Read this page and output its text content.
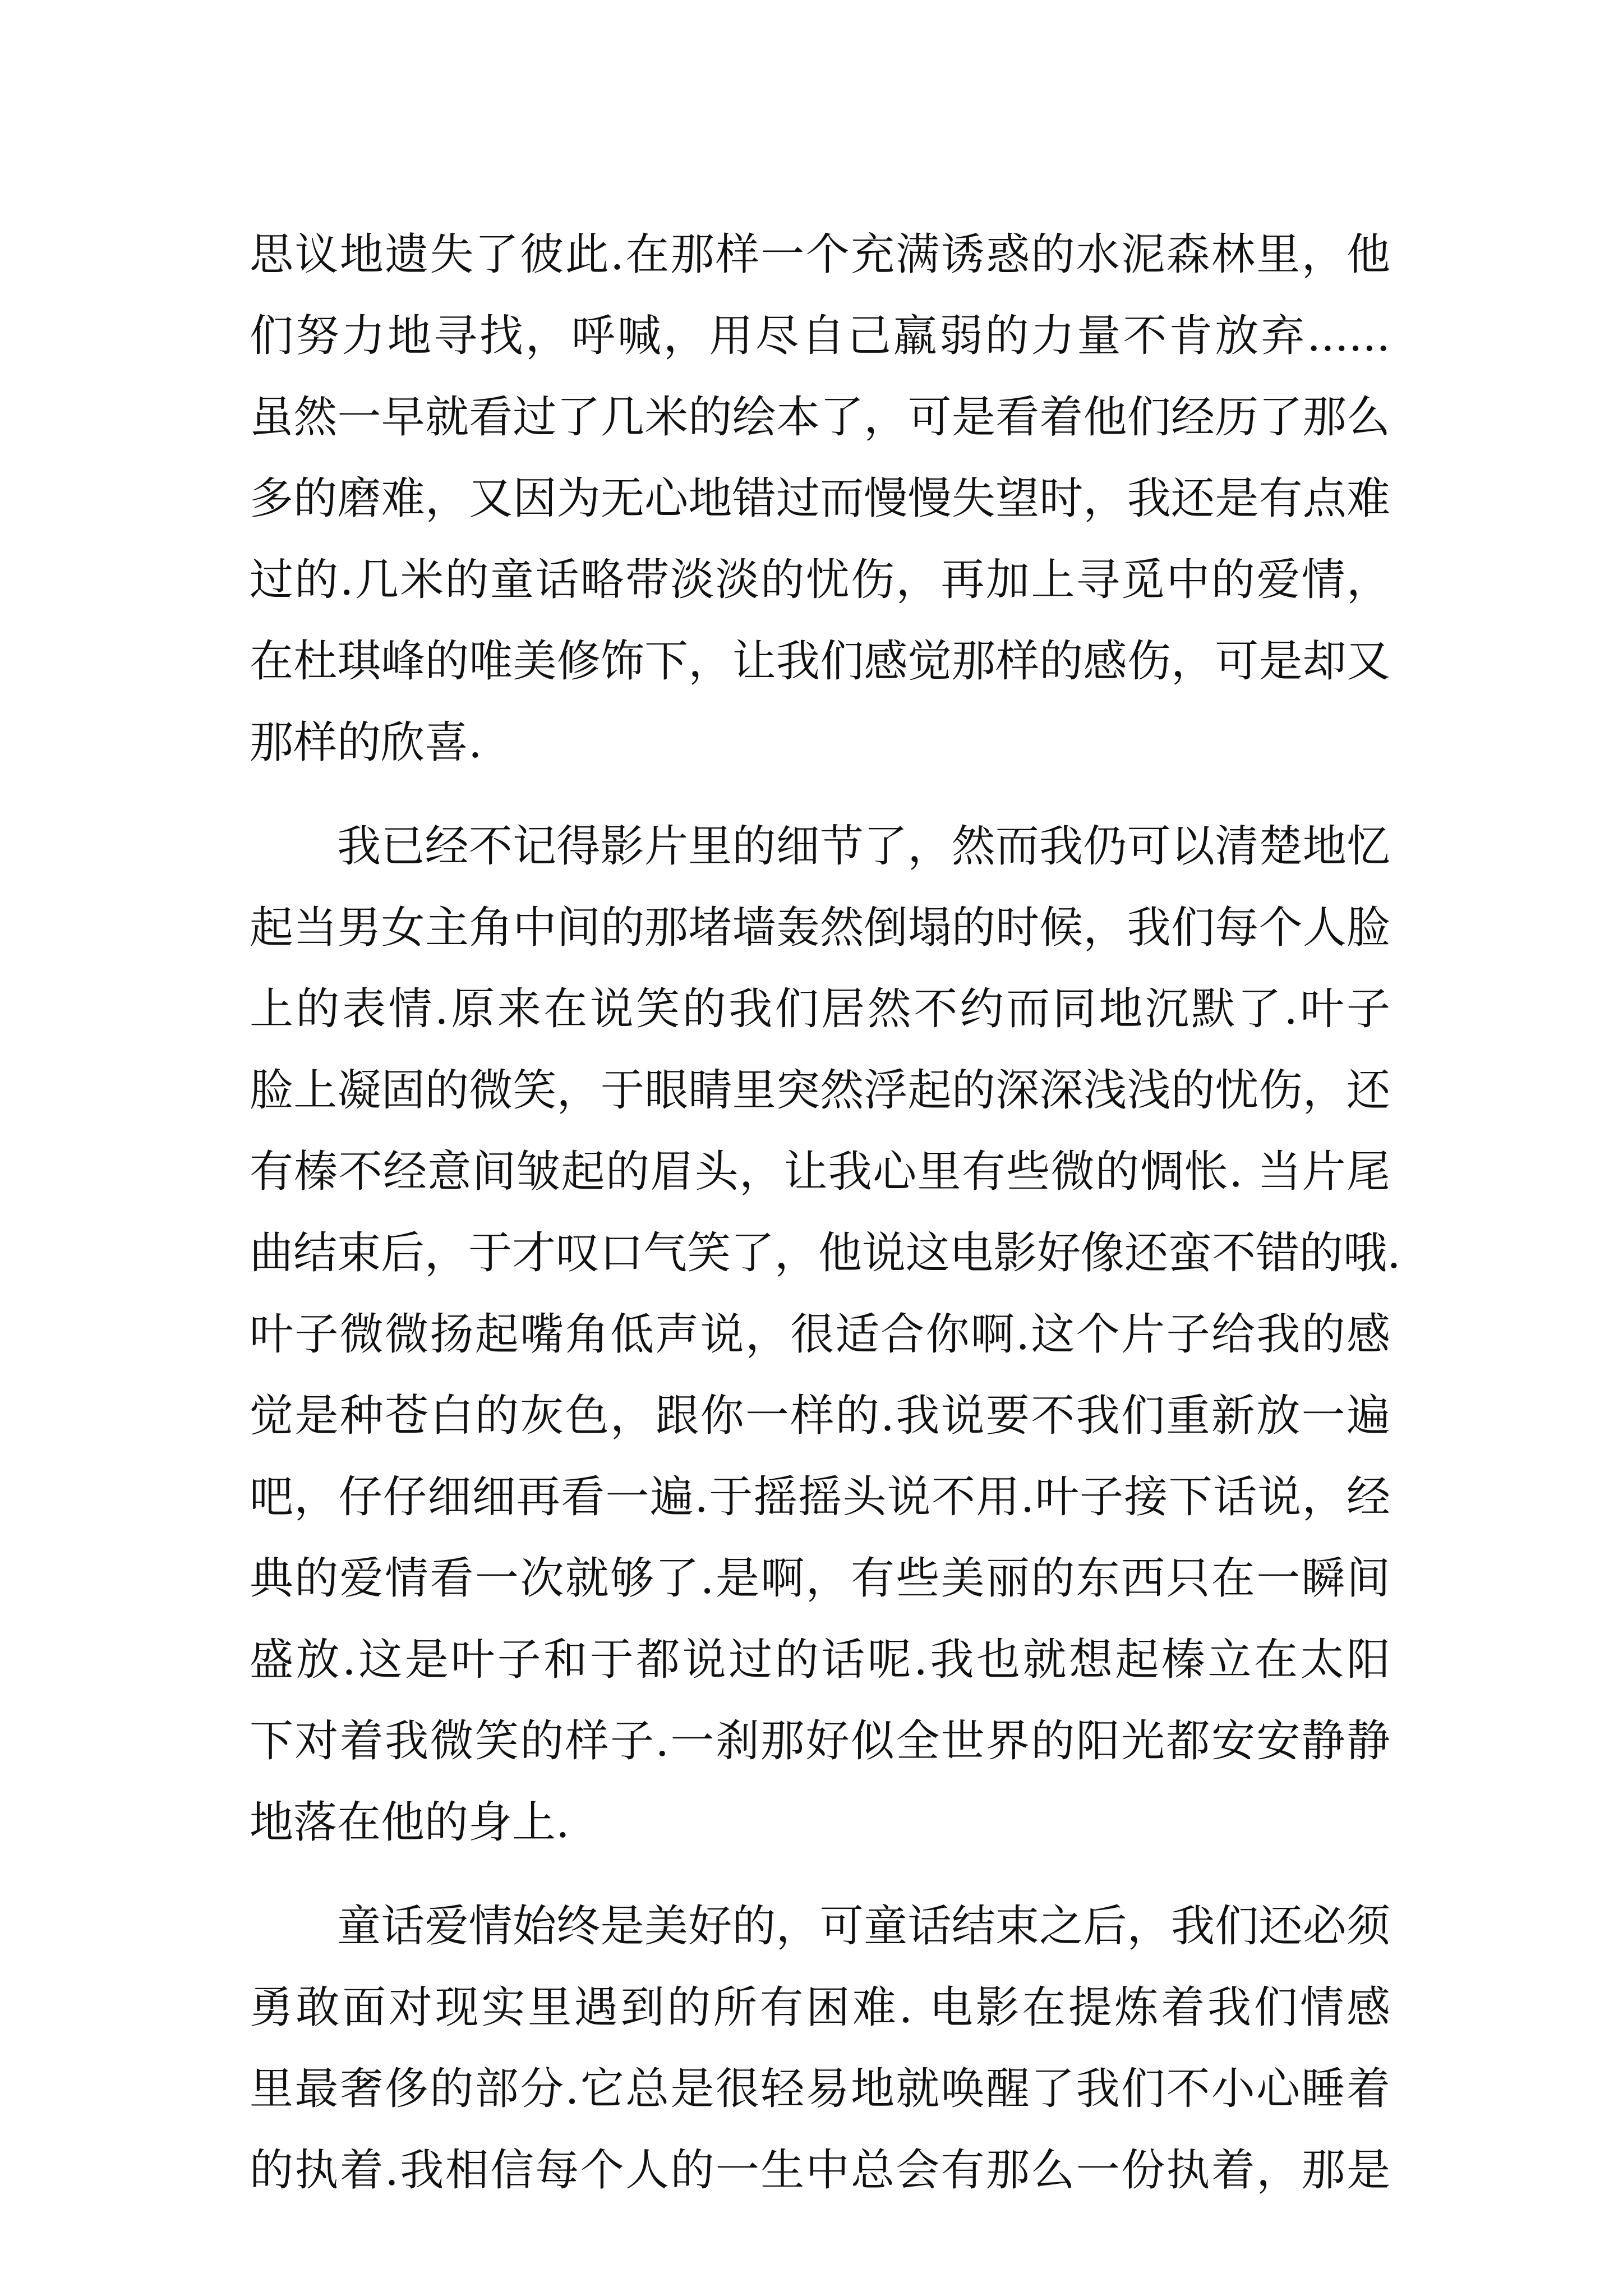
思议地遗失了彼此.在那样一个充满诱惑的水泥森林里，他
们努力地寻找，呼喊，用尽自己羸弱的力量不肯放弃......
虽然一早就看过了几米的绘本了，可是看着他们经历了那么
多的磨难，又因为无心地错过而慢慢失望时，我还是有点难
过的.几米的童话略带淡淡的忧伤，再加上寻觅中的爱情，
在杜琪峰的唯美修饰下，让我们感觉那样的感伤，可是却又
那样的欣喜.
我已经不记得影片里的细节了，然而我仍可以清楚地忆
起当男女主角中间的那堵墙轰然倒塌的时候，我们每个人脸
上的表情.原来在说笑的我们居然不约而同地沉默了.叶子
脸上凝固的微笑，于眼睛里突然浮起的深深浅浅的忧伤，还
有榛不经意间皱起的眉头，让我心里有些微的惆怅. 当片尾
曲结束后，于才叹口气笑了，他说这电影好像还蛮不错的哦.
叶子微微扬起嘴角低声说，很适合你啊.这个片子给我的感
觉是种苍白的灰色，跟你一样的.我说要不我们重新放一遍
吧，仔仔细细再看一遍.于摇摇头说不用.叶子接下话说，经
典的爱情看一次就够了.是啊，有些美丽的东西只在一瞬间
盛放.这是叶子和于都说过的话呢.我也就想起榛立在太阳
下对着我微笑的样子.一刹那好似全世界的阳光都安安静静
地落在他的身上.
童话爱情始终是美好的，可童话结束之后，我们还必须
勇敢面对现实里遇到的所有困难. 电影在提炼着我们情感
里最奢侈的部分.它总是很轻易地就唤醒了我们不小心睡着
的执着.我相信每个人的一生中总会有那么一份执着，那是
